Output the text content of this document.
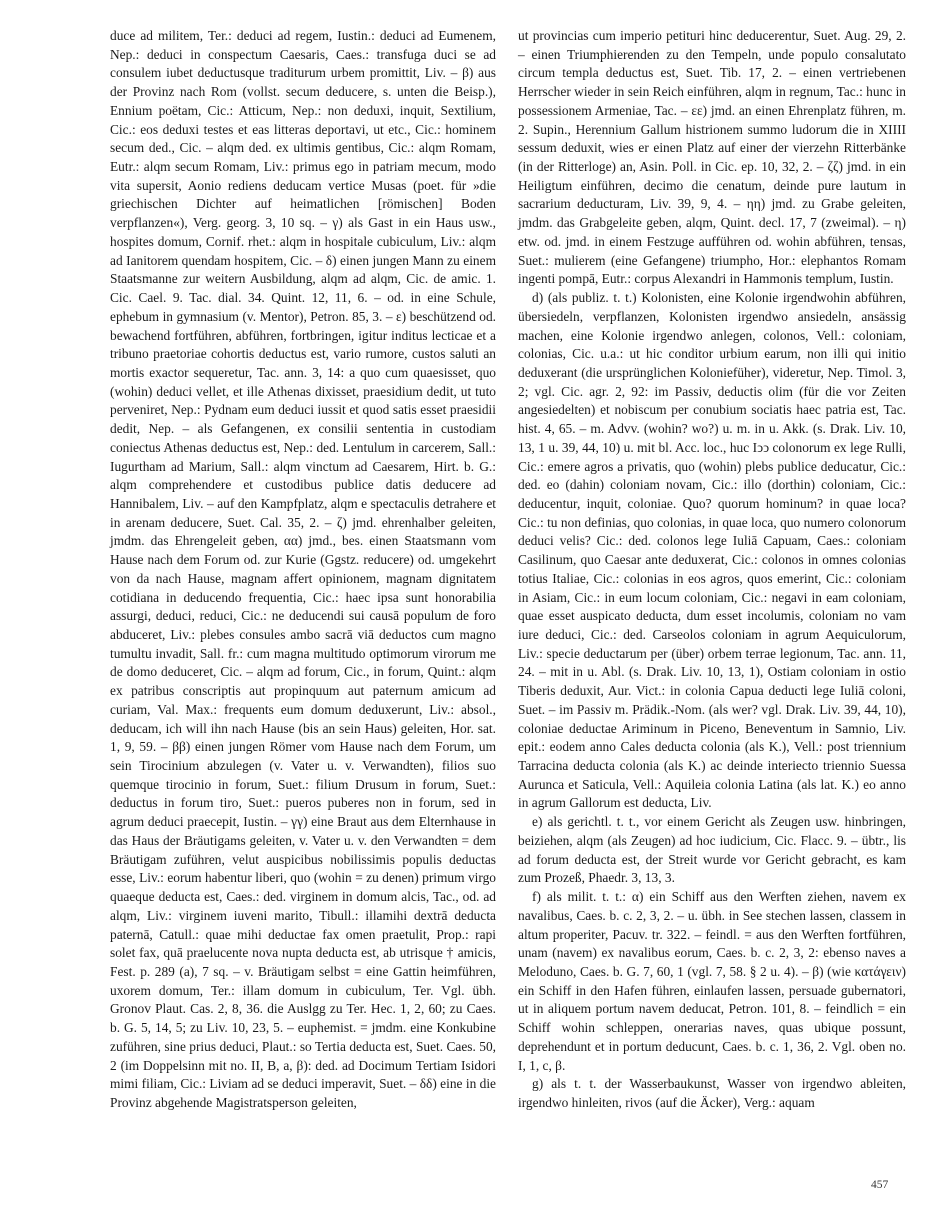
duce ad militem, Ter.: deduci ad regem, Iustin.: deduci ad Eumenem, Nep.: deduci in conspectum Caesaris, Caes.: transfuga duci se ad consulem iubet deductusque traditurum urbem promittit, Liv. – β) aus der Provinz nach Rom (vollst. secum deducere, s. unten die Beisp.), Ennium poëtam, Cic.: Atticum, Nep.: non deduxi, inquit, Sextilium, Cic.: eos deduxi testes et eas litteras deportavi, ut etc., Cic.: hominem secum ded., Cic. – alqm ded. ex ultimis gentibus, Cic.: alqm Romam, Eutr.: alqm secum Romam, Liv.: primus ego in patriam mecum, modo vita supersit, Aonio rediens deducam vertice Musas (poet. für »die griechischen Dichter auf heimatlichen [römischen] Boden verpflanzen«), Verg. georg. 3, 10 sq. – γ) als Gast in ein Haus usw., hospites domum, Cornif. rhet.: alqm in hospitale cubiculum, Liv.: alqm ad Ianitorem quendam hospitem, Cic. – δ) einen jungen Mann zu einem Staatsmanne zur weitern Ausbildung, alqm ad alqm, Cic. de amic. 1. Cic. Cael. 9. Tac. dial. 34. Quint. 12, 11, 6. – od. in eine Schule, ephebum in gymnasium (v. Mentor), Petron. 85, 3. – ε) beschützend od. bewachend fortführen, abführen, fortbringen, igitur inditus lecticae et a tribuno praetoriae cohortis deductus est, vario rumore, custos saluti an mortis exactor sequeretur, Tac. ann. 3, 14: a quo cum quaesisset, quo (wohin) deduci vellet, et ille Athenas dixisset, praesidium dedit, ut tuto perveniret, Nep.: Pydnam eum deduci iussit et quod satis esset praesidii dedit, Nep. – als Gefangenen, ex consilii sententia in custodiam coniectus Athenas deductus est, Nep.: ded. Lentulum in carcerem, Sall.: Iugurtham ad Marium, Sall.: alqm vinctum ad Caesarem, Hirt. b. G.: alqm comprehendere et custodibus publice datis deducere ad Hannibalem, Liv. – auf den Kampfplatz, alqm e spectaculis detrahere et in arenam deducere, Suet. Cal. 35, 2. – ζ) jmd. ehrenhalber geleiten, jmdm. das Ehrengeleit geben, αα) jmd., bes. einen Staatsmann vom Hause nach dem Forum od. zur Kurie (Ggstz. reducere) od. umgekehrt von da nach Hause, magnam affert opinionem, magnam dignitatem cotidiana in deducendo frequentia, Cic.: haec ipsa sunt honorabilia assurgi, deduci, reduci, Cic.: ne deducendi sui causā populum de foro abduceret, Liv.: plebes consules ambo sacrā viā deductos cum magno tumultu invadit, Sall. fr.: cum magna multitudo optimorum virorum me de domo deduceret, Cic. – alqm ad forum, Cic., in forum, Quint.: alqm ex patribus conscriptis aut propinquum aut paternum amicum ad curiam, Val. Max.: frequents eum domum deduxerunt, Liv.: absol., deducam, ich will ihn nach Hause (bis an sein Haus) geleiten, Hor. sat. 1, 9, 59. – ββ) einen jungen Römer vom Hause nach dem Forum, um sein Tirocinium abzulegen (v. Vater u. v. Verwandten), filios suo quemque tirocinio in forum, Suet.: filium Drusum in forum, Suet.: deductus in forum tiro, Suet.: pueros puberes non in forum, sed in agrum deduci praecepit, Iustin. – γγ) eine Braut aus dem Elternhause in das Haus der Bräutigams geleiten, v. Vater u. v. den Verwandten = dem Bräutigam zuführen, velut auspicibus nobilissimis populis deductas esse, Liv.: eorum habentur liberi, quo (wohin = zu denen) primum virgo quaeque deducta est, Caes.: ded. virginem in domum alcis, Tac., od. ad alqm, Liv.: virginem iuveni marito, Tibull.: illamihi dextrā deducta paternā, Catull.: quae mihi deductae fax omen praetulit, Prop.: rapi solet fax, quā praelucente nova nupta deducta est, ab utrisque † amicis, Fest. p. 289 (a), 7 sq. – v. Bräutigam selbst = eine Gattin heimführen, uxorem domum, Ter.: illam domum in cubiculum, Ter. Vgl. übh. Gronov Plaut. Cas. 2, 8, 36. die Auslgg zu Ter. Hec. 1, 2, 60; zu Caes. b. G. 5, 14, 5; zu Liv. 10, 23, 5. – euphemist. = jmdm. eine Konkubine zuführen, sine prius deduci, Plaut.: so Tertia deducta est, Suet. Caes. 50, 2 (im Doppelsinn mit no. II, B, a, β): ded. ad Docimum Tertiam Isidori mimi filiam, Cic.: Liviam ad se deduci imperavit, Suet. – δδ) eine in die Provinz abgehende Magistratsperson geleiten,

ut provincias cum imperio petituri hinc deducerentur, Suet. Aug. 29, 2. – einen Triumphierenden zu den Tempeln, unde populo consalutato circum templa deductus est, Suet. Tib. 17, 2. – einen vertriebenen Herrscher wieder in sein Reich einführen, alqm in regnum, Tac.: hunc in possessionem Armeniae, Tac. – εε) jmd. an einen Ehrenplatz führen, m. 2. Supin., Herennium Gallum histrionem summo ludorum die in XIIII sessum deduxit, wies er einen Platz auf einer der vierzehn Ritterbänke (in der Ritterloge) an, Asin. Poll. in Cic. ep. 10, 32, 2. – ζζ) jmd. in ein Heiligtum einführen, decimo die cenatum, deinde pure lautum in sacrarium deducturam, Liv. 39, 9, 4. – ηη) jmd. zu Grabe geleiten, jmdm. das Grabgeleite geben, alqm, Quint. decl. 17, 7 (zweimal). – η) etw. od. jmd. in einem Festzuge aufführen od. wohin abführen, tensas, Suet.: mulierem (eine Gefangene) triumpho, Hor.: elephantos Romam ingenti pompā, Eutr.: corpus Alexandri in Hammonis templum, Iustin.

d) (als publiz. t. t.) Kolonisten, eine Kolonie irgendwohin abführen, übersiedeln, verpflanzen, Kolonisten irgendwo ansiedeln, ansässig machen, eine Kolonie irgendwo anlegen, colonos, Vell.: coloniam, colonias, Cic. u.a.: ut hic conditor urbium earum, non illi qui initio deduxerant (die ursprünglichen Koloniefüher), videretur, Nep. Timol. 3, 2; vgl. Cic. agr. 2, 92: im Passiv, deductis olim (für die vor Zeiten angesiedelten) et nobiscum per conubium sociatis haec patria est, Tac. hist. 4, 65. – m. Advv. (wohin? wo?) u. m. in u. Akk. (s. Drak. Liv. 10, 13, 1 u. 39, 44, 10) u. mit bl. Acc. loc., huc Iↄↄ colonorum ex lege Rulli, Cic.: emere agros a privatis, quo (wohin) plebs publice deducatur, Cic.: ded. eo (dahin) coloniam novam, Cic.: illo (dorthin) coloniam, Cic.: deducentur, inquit, coloniae. Quo? quorum hominum? in quae loca? Cic.: tu non definias, quo colonias, in quae loca, quo numero colonorum deduci velis? Cic.: ded. colonos lege Iuliā Capuam, Caes.: coloniam Casilinum, quo Caesar ante deduxerat, Cic.: colonos in omnes colonias totius Italiae, Cic.: colonias in eos agros, quos emerint, Cic.: coloniam in Asiam, Cic.: in eum locum coloniam, Cic.: negavi in eam coloniam, quae esset auspicato deducta, dum esset incolumis, coloniam no vam iure deduci, Cic.: ded. Carseolos coloniam in agrum Aequiculorum, Liv.: specie deductarum per (über) orbem terrae legionum, Tac. ann. 11, 24. – mit in u. Abl. (s. Drak. Liv. 10, 13, 1), Ostiam coloniam in ostio Tiberis deduxit, Aur. Vict.: in colonia Capua deducti lege Iuliā coloni, Suet. – im Passiv m. Prädik.-Nom. (als wer? vgl. Drak. Liv. 39, 44, 10), coloniae deductae Ariminum in Piceno, Beneventum in Samnio, Liv. epit.: eodem anno Cales deducta colonia (als K.), Vell.: post triennium Tarracina deducta colonia (als K.) ac deinde interiecto triennio Suessa Aurunca et Saticula, Vell.: Aquileia colonia Latina (als lat. K.) eo anno in agrum Gallorum est deducta, Liv.

e) als gerichtl. t. t., vor einem Gericht als Zeugen usw. hinbringen, beiziehen, alqm (als Zeugen) ad hoc iudicium, Cic. Flacc. 9. – übtr., lis ad forum deducta est, der Streit wurde vor Gericht gebracht, es kam zum Prozeß, Phaedr. 3, 13, 3.

f) als milit. t. t.: α) ein Schiff aus den Werften ziehen, navem ex navalibus, Caes. b. c. 2, 3, 2. – u. übh. in See stechen lassen, classem in altum properiter, Pacuv. tr. 322. – feindl. = aus den Werften fortführen, unam (navem) ex navalibus eorum, Caes. b. c. 2, 3, 2: ebenso naves a Meloduno, Caes. b. G. 7, 60, 1 (vgl. 7, 58. § 2 u. 4). – β) (wie κατάγειν) ein Schiff in den Hafen führen, einlaufen lassen, persuade gubernatori, ut in aliquem portum navem deducat, Petron. 101, 8. – feindlich = ein Schiff wohin schleppen, onerarias naves, quas ubique possunt, deprehendunt et in portum deducunt, Caes. b. c. 1, 36, 2. Vgl. oben no. I, 1, c, β.

g) als t. t. der Wasserbaukunst, Wasser von irgendwo ableiten, irgendwo hinleiten, rivos (auf die Äcker), Verg.: aquam

457
